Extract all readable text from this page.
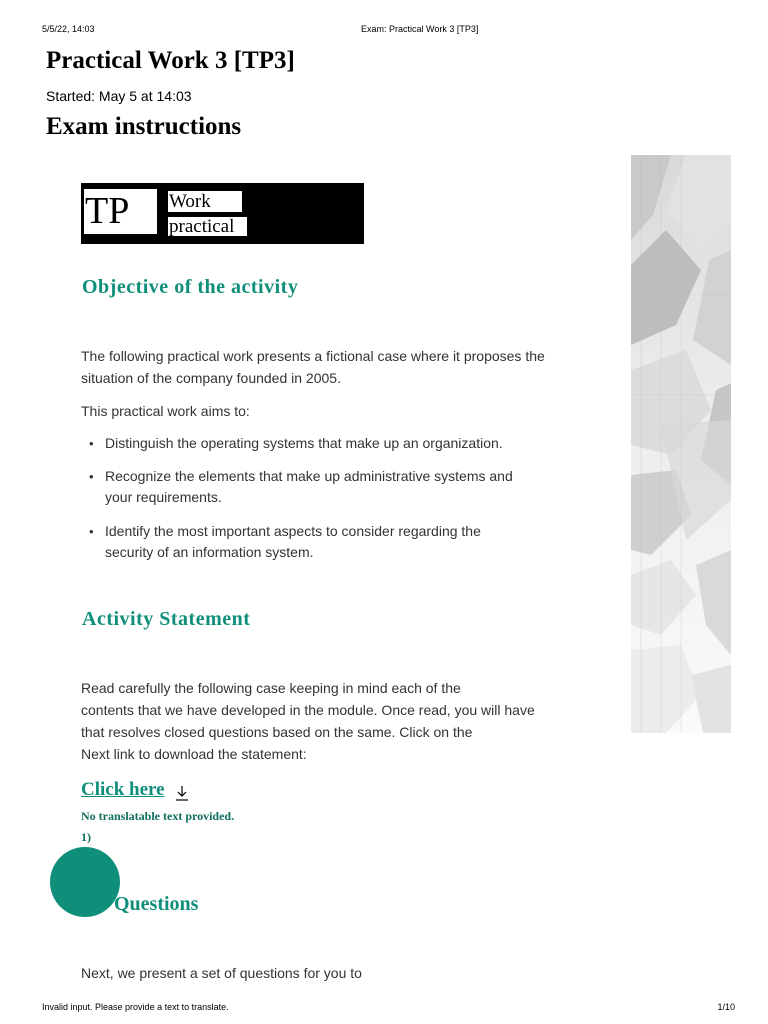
5/5/22, 14:03	Exam: Practical Work 3 [TP3]
Practical Work 3 [TP3]
Started: May 5 at 14:03
Exam instructions
TP	Work
practical
Objective of the activity

The following practical work presents a fictional case where it proposes the
situation of the company founded in 2005.

This practical work aims to:

• Distinguish the operating systems that make up an organization.
• Recognize the elements that make up administrative systems and
your requirements.
• Identify the most important aspects to consider regarding the
security of an information system.
Activity Statement

Read carefully the following case keeping in mind each of the
contents that we have developed in the module. Once read, you will have
that resolves closed questions based on the same. Click on the
Next link to download the statement:

Click here
No translatable text provided.
1)
Questions

Next, we present a set of questions for you to

Invalid input. Please provide a text to translate.	1/10
